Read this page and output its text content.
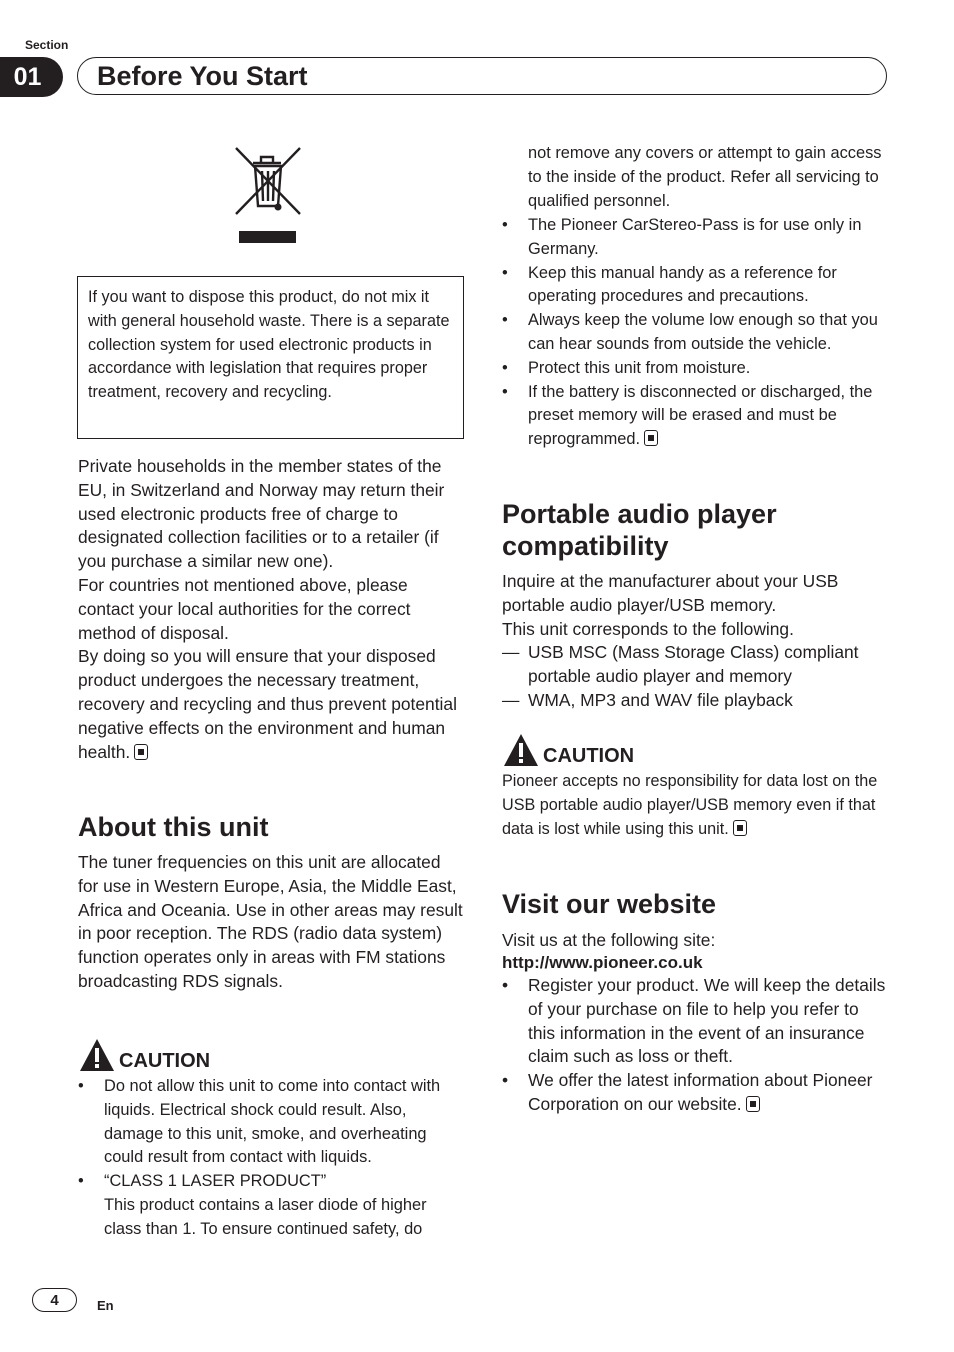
Section
01	Before You Start

If you want to dispose this product, do not mix it with general household waste. There is a separate collection system for used electronic products in accordance with legislation that requires proper treatment, recovery and recycling.

Private households in the member states of the EU, in Switzerland and Norway may return their used electronic products free of charge to designated collection facilities or to a retailer (if you purchase a similar new one).

For countries not mentioned above, please contact your local authorities for the correct method of disposal.

By doing so you will ensure that your disposed product undergoes the necessary treatment, recovery and recycling and thus prevent potential negative effects on the environment and human health.

About this unit

The tuner frequencies on this unit are allocated for use in Western Europe, Asia, the Middle East, Africa and Oceania. Use in other areas may result in poor reception. The RDS (radio data system) function operates only in areas with FM stations broadcasting RDS signals.

CAUTION
• Do not allow this unit to come into contact with liquids. Electrical shock could result. Also, damage to this unit, smoke, and overheating could result from contact with liquids.
• “CLASS 1 LASER PRODUCT”
This product contains a laser diode of higher class than 1. To ensure continued safety, do

not remove any covers or attempt to gain access to the inside of the product. Refer all servicing to qualified personnel.

• The Pioneer CarStereo-Pass is for use only in Germany.
• Keep this manual handy as a reference for operating procedures and precautions.
• Always keep the volume low enough so that you can hear sounds from outside the vehicle.
• Protect this unit from moisture.
• If the battery is disconnected or discharged, the preset memory will be erased and must be reprogrammed.
Portable audio player compatibility

Inquire at the manufacturer about your USB portable audio player/USB memory.

This unit corresponds to the following.

— USB MSC (Mass Storage Class) compliant portable audio player and memory
— WMA, MP3 and WAV file playback
CAUTION

Pioneer accepts no responsibility for data lost on the USB portable audio player/USB memory even if that data is lost while using this unit.

Visit our website

Visit us at the following site:

http://www.pioneer.co.uk
• Register your product. We will keep the details of your purchase on file to help you refer to this information in the event of an insurance claim such as loss or theft.
• We offer the latest information about Pioneer Corporation on our website.
4	En
